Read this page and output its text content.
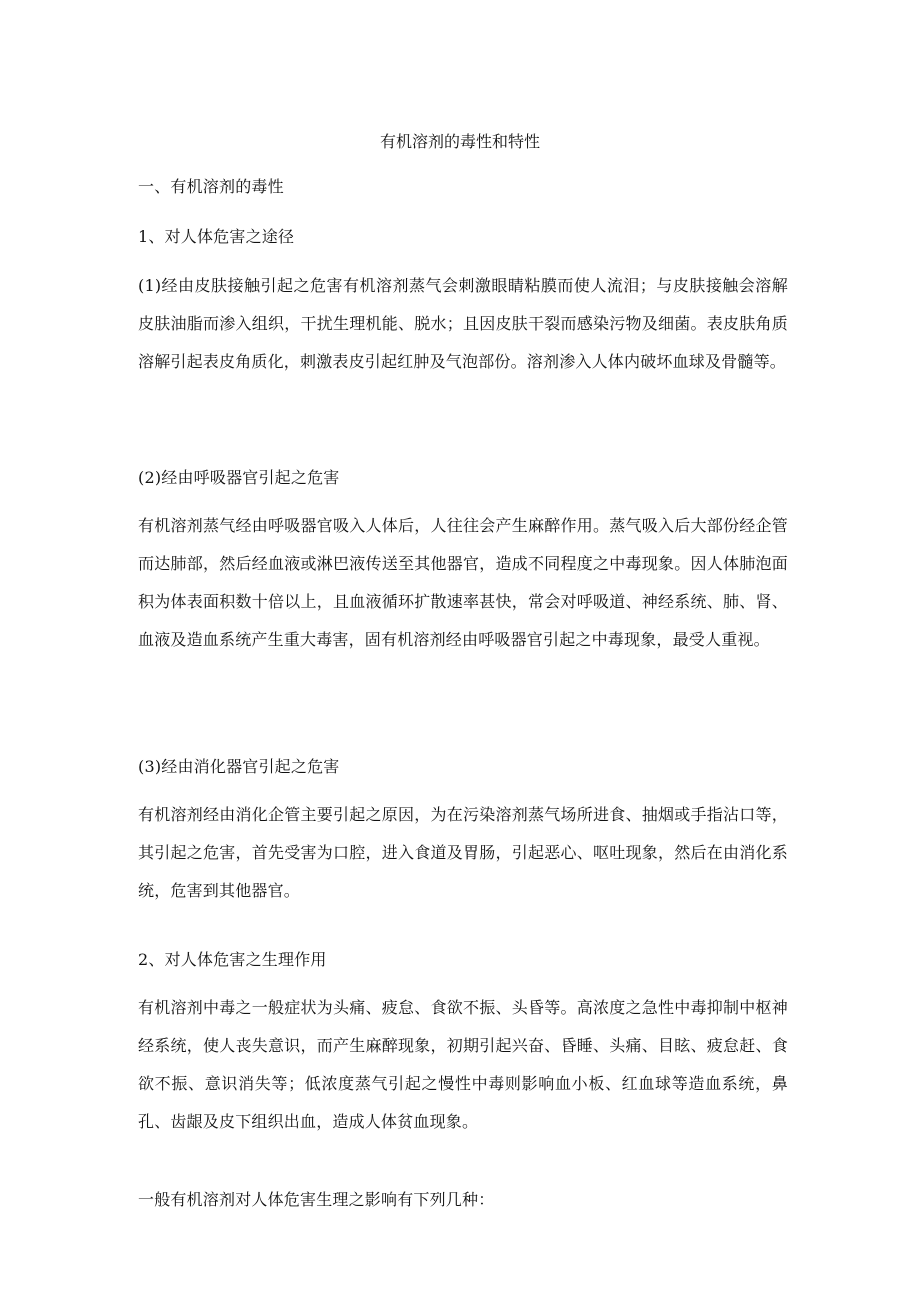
有机溶剂的毒性和特性

一、有机溶剂的毒性

1、对人体危害之途径

(1)经由皮肤接触引起之危害有机溶剂蒸气会刺激眼睛粘膜而使人流泪；与皮肤接触会溶解皮肤油脂而渗入组织，干扰生理机能、脱水；且因皮肤干裂而感染污物及细菌。表皮肤角质溶解引起表皮角质化，刺激表皮引起红肿及气泡部份。溶剂渗入人体内破坏血球及骨髓等。

(2)经由呼吸器官引起之危害

有机溶剂蒸气经由呼吸器官吸入人体后，人往往会产生麻醉作用。蒸气吸入后大部份经企管而达肺部，然后经血液或淋巴液传送至其他器官，造成不同程度之中毒现象。因人体肺泡面积为体表面积数十倍以上，且血液循环扩散速率甚快，常会对呼吸道、神经系统、肺、肾、血液及造血系统产生重大毒害，固有机溶剂经由呼吸器官引起之中毒现象，最受人重视。

(3)经由消化器官引起之危害

有机溶剂经由消化企管主要引起之原因，为在污染溶剂蒸气场所进食、抽烟或手指沾口等，其引起之危害，首先受害为口腔，进入食道及胃肠，引起恶心、呕吐现象，然后在由消化系统，危害到其他器官。

2、对人体危害之生理作用

有机溶剂中毒之一般症状为头痛、疲怠、食欲不振、头昏等。高浓度之急性中毒抑制中枢神经系统，使人丧失意识，而产生麻醉现象，初期引起兴奋、昏睡、头痛、目眩、疲怠赶、食欲不振、意识消失等；低浓度蒸气引起之慢性中毒则影响血小板、红血球等造血系统，鼻孔、齿龈及皮下组织出血，造成人体贫血现象。

一般有机溶剂对人体危害生理之影响有下列几种：
